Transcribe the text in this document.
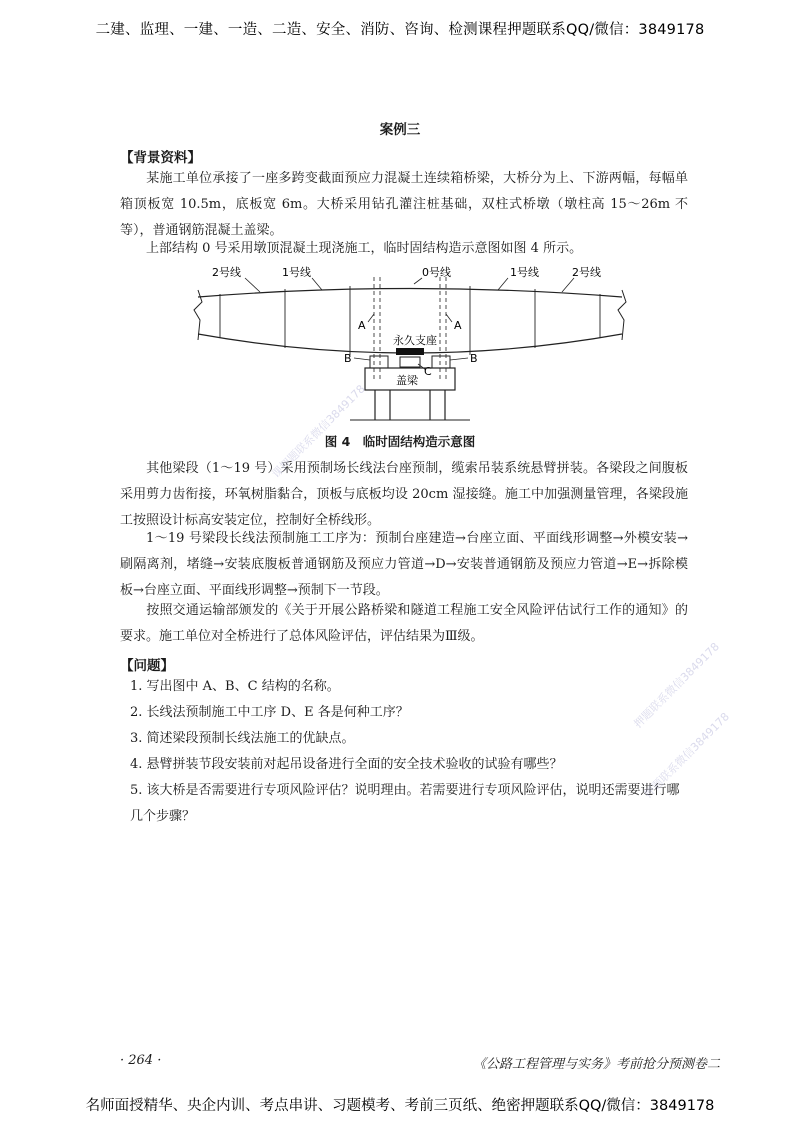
二建、监理、一建、一造、二造、安全、消防、咨询、检测课程押题联系QQ/微信：3849178
案例三
【背景资料】
某施工单位承接了一座多跨变截面预应力混凝土连续箱桥梁，大桥分为上、下游两幅，每幅单箱顶板宽 10.5m，底板宽 6m。大桥采用钻孔灌注桩基础，双柱式桥墩（墩柱高 15～26m 不等），普通钢筋混凝土盖梁。
上部结构 0 号采用墩顶混凝土现浇施工，临时固结构造示意图如图 4 所示。
2号线	1号线	0号线	1号线	2号线
A	A
永久支座
B	B
C
盖梁
图 4　临时固结构造示意图
其他梁段（1～19 号）采用预制场长线法台座预制，缆索吊装系统悬臂拼装。各梁段之间腹板采用剪力齿衔接，环氧树脂黏合，顶板与底板均设 20cm 湿接缝。施工中加强测量管理，各梁段施工按照设计标高安装定位，控制好全桥线形。
1～19 号梁段长线法预制施工工序为：预制台座建造→台座立面、平面线形调整→外模安装→刷隔离剂，堵缝→安装底腹板普通钢筋及预应力管道→D→安装普通钢筋及预应力管道→E→拆除模板→台座立面、平面线形调整→预制下一节段。
按照交通运输部颁发的《关于开展公路桥梁和隧道工程施工安全风险评估试行工作的通知》的要求。施工单位对全桥进行了总体风险评估，评估结果为Ⅲ级。
【问题】
1. 写出图中 A、B、C 结构的名称。
2. 长线法预制施工中工序 D、E 各是何种工序？
3. 简述梁段预制长线法施工的优缺点。
4. 悬臂拼装节段安装前对起吊设备进行全面的安全技术验收的试验有哪些？
5. 该大桥是否需要进行专项风险评估？说明理由。若需要进行专项风险评估，说明还需要进行哪几个步骤？
· 264 ·	《公路工程管理与实务》考前抢分预测卷二
名师面授精华、央企内训、考点串讲、习题模考、考前三页纸、绝密押题联系QQ/微信：3849178
课押题联系微信3849178
押题联系微信3849178
押题联系微信3849178
